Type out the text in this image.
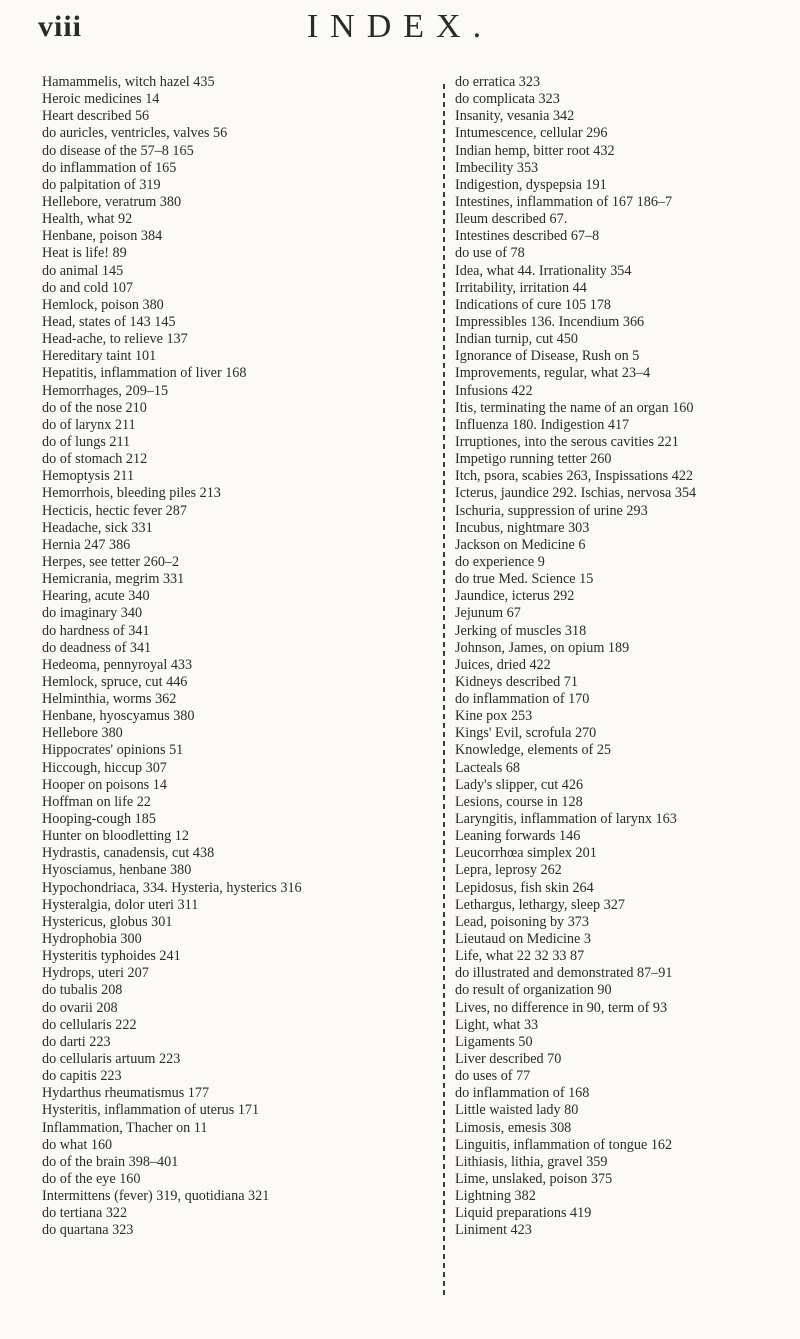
viii	INDEX.
Hamammelis, witch hazel 435
Heroic medicines 14
Heart described 56
do auricles, ventricles, valves 56
do disease of the 57–8 165
do inflammation of 165
do palpitation of 319
Hellebore, veratrum 380
Health, what 92
Henbane, poison 384
Heat is life! 89
do animal 145
do and cold 107
Hemlock, poison 380
Head, states of 143 145
Head-ache, to relieve 137
Hereditary taint 101
Hepatitis, inflammation of liver 168
Hemorrhages, 209–15
do of the nose 210
do of larynx 211
do of lungs 211
do of stomach 212
Hemoptysis 211
Hemorrhois, bleeding piles 213
Hecticis, hectic fever 287
Headache, sick 331
Hernia 247 386
Herpes, see tetter 260–2
Hemicrania, megrim 331
Hearing, acute 340
do imaginary 340
do hardness of 341
do deadness of 341
Hedeoma, pennyroyal 433
Hemlock, spruce, cut 446
Helminthia, worms 362
Henbane, hyoscyamus 380
Hellebore 380
Hippocrates' opinions 51
Hiccough, hiccup 307
Hooper on poisons 14
Hoffman on life 22
Hooping-cough 185
Hunter on bloodletting 12
Hydrastis, canadensis, cut 438
Hyosciamus, henbane 380
Hypochondriaca, 334. Hysteria, hysterics 316
Hysteralgia, dolor uteri 311
Hystericus, globus 301
Hydrophobia 300
Hysteritis typhoides 241
Hydrops, uteri 207
do tubalis 208
do ovarii 208
do cellularis 222
do darti 223
do cellularis artuum 223
do capitis 223
Hydarthus rheumatismus 177
Hysteritis, inflammation of uterus 171
Inflammation, Thacher on 11
do what 160
do of the brain 398–401
do of the eye 160
Intermittens (fever) 319, quotidiana 321
do tertiana 322
do quartana 323
do erratica 323
do complicata 323
Insanity, vesania 342
Intumescence, cellular 296
Indian hemp, bitter root 432
Imbecility 353
Indigestion, dyspepsia 191
Intestines, inflammation of 167 186–7
Ileum described 67.
Intestines described 67–8
do use of 78
Idea, what 44. Irrationality 354
Irritability, irritation 44
Indications of cure 105 178
Impressibles 136. Incendium 366
Indian turnip, cut 450
Ignorance of Disease, Rush on 5
Improvements, regular, what 23–4
Infusions 422
Itis, terminating the name of an organ 160
Influenza 180. Indigestion 417
Irruptiones, into the serous cavities 221
Impetigo running tetter 260
Itch, psora, scabies 263, Inspissations 422
Icterus, jaundice 292. Ischias, nervosa 354
Ischuria, suppression of urine 293
Incubus, nightmare 303
Jackson on Medicine 6
do experience 9
do true Med. Science 15
Jaundice, icterus 292
Jejunum 67
Jerking of muscles 318
Johnson, James, on opium 189
Juices, dried 422
Kidneys described 71
do inflammation of 170
Kine pox 253
Kings' Evil, scrofula 270
Knowledge, elements of 25
Lacteals 68
Lady's slipper, cut 426
Lesions, course in 128
Laryngitis, inflammation of larynx 163
Leaning forwards 146
Leucorrhœa simplex 201
Lepra, leprosy 262
Lepidosus, fish skin 264
Lethargus, lethargy, sleep 327
Lead, poisoning by 373
Lieutaud on Medicine 3
Life, what 22 32 33 87
do illustrated and demonstrated 87–91
do result of organization 90
Lives, no difference in 90, term of 93
Light, what 33
Ligaments 50
Liver described 70
do uses of 77
do inflammation of 168
Little waisted lady 80
Limosis, emesis 308
Linguitis, inflammation of tongue 162
Lithiasis, lithia, gravel 359
Lime, unslaked, poison 375
Lightning 382
Liquid preparations 419
Liniment 423
